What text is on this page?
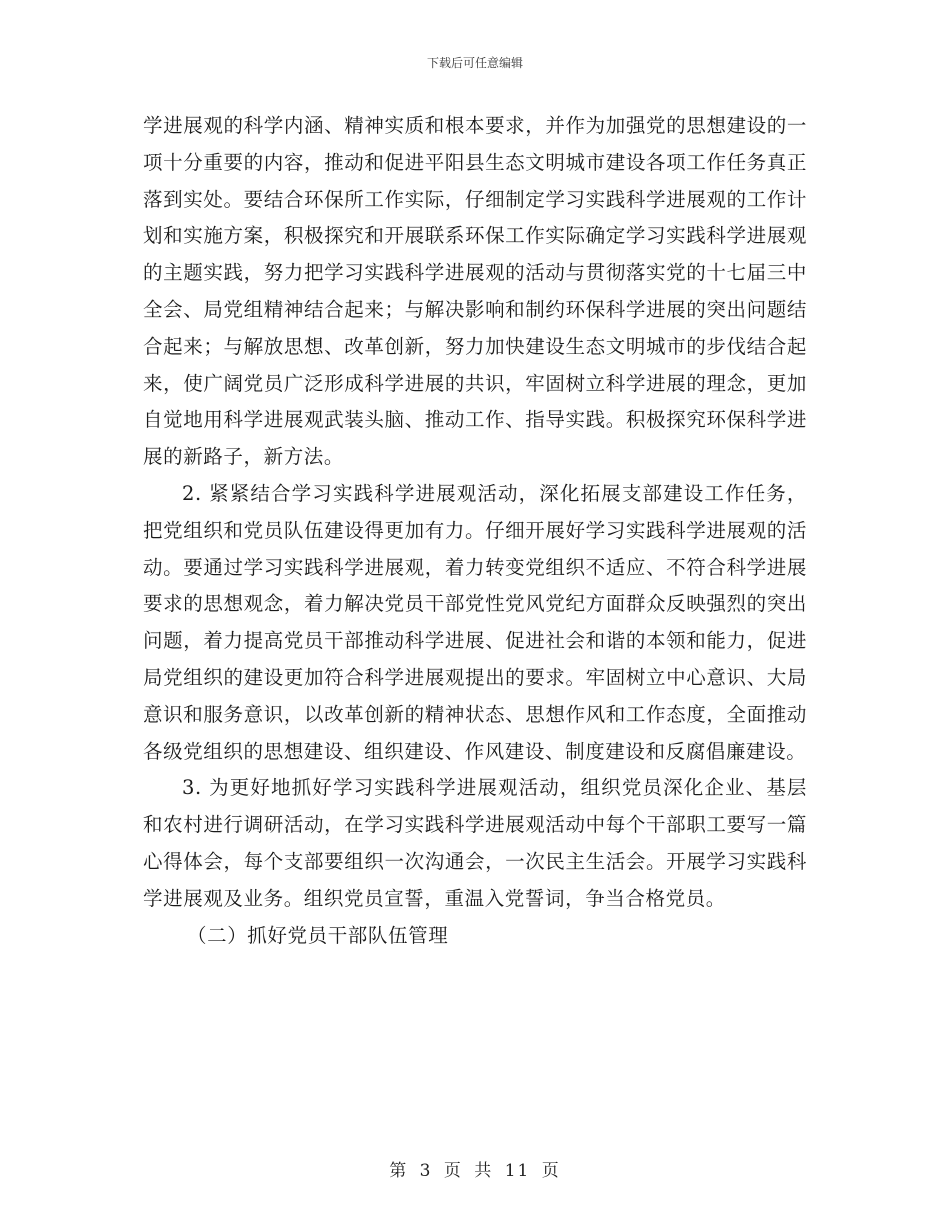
下载后可任意编辑

学进展观的科学内涵、精神实质和根本要求，并作为加强党的思想建设的一项十分重要的内容，推动和促进平阳县生态文明城市建设各项工作任务真正落到实处。要结合环保所工作实际，仔细制定学习实践科学进展观的工作计划和实施方案，积极探究和开展联系环保工作实际确定学习实践科学进展观的主题实践，努力把学习实践科学进展观的活动与贯彻落实党的十七届三中全会、局党组精神结合起来；与解决影响和制约环保科学进展的突出问题结合起来；与解放思想、改革创新，努力加快建设生态文明城市的步伐结合起来，使广阔党员广泛形成科学进展的共识，牢固树立科学进展的理念，更加自觉地用科学进展观武装头脑、推动工作、指导实践。积极探究环保科学进展的新路子，新方法。

2. 紧紧结合学习实践科学进展观活动，深化拓展支部建设工作任务，把党组织和党员队伍建设得更加有力。仔细开展好学习实践科学进展观的活动。要通过学习实践科学进展观，着力转变党组织不适应、不符合科学进展要求的思想观念，着力解决党员干部党性党风党纪方面群众反映强烈的突出问题，着力提高党员干部推动科学进展、促进社会和谐的本领和能力，促进局党组织的建设更加符合科学进展观提出的要求。牢固树立中心意识、大局意识和服务意识，以改革创新的精神状态、思想作风和工作态度，全面推动各级党组织的思想建设、组织建设、作风建设、制度建设和反腐倡廉建设。

3. 为更好地抓好学习实践科学进展观活动，组织党员深化企业、基层和农村进行调研活动，在学习实践科学进展观活动中每个干部职工要写一篇心得体会，每个支部要组织一次沟通会，一次民主生活会。开展学习实践科学进展观及业务。组织党员宣誓，重温入党誓词，争当合格党员。

（二）抓好党员干部队伍管理

第 3 页 共 11 页
